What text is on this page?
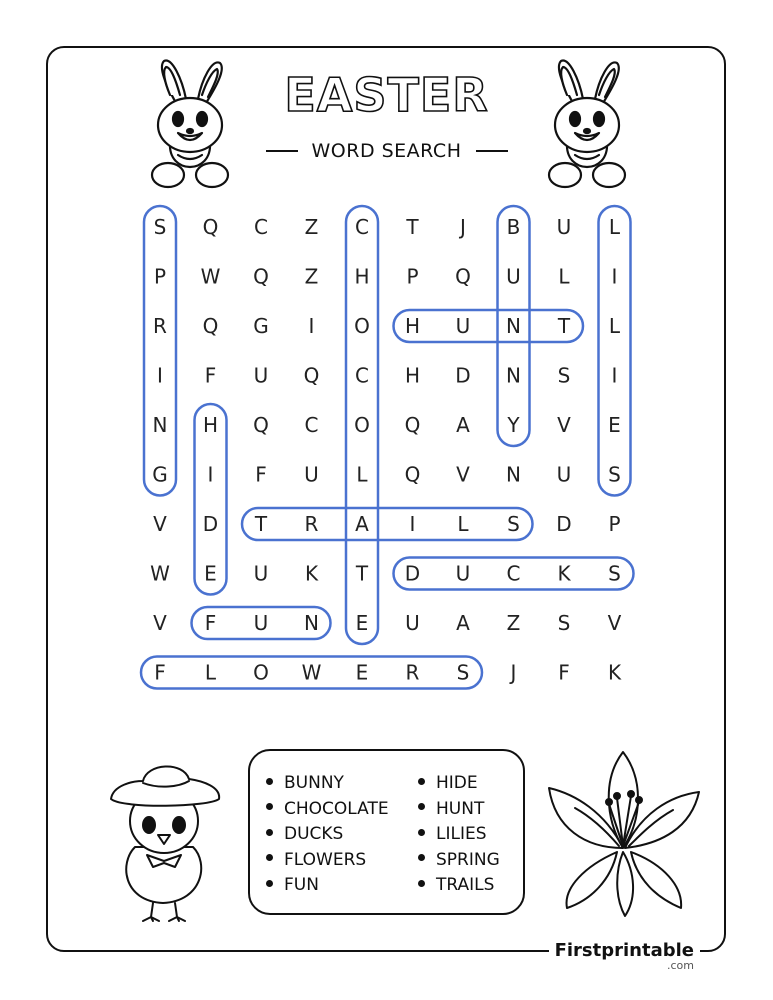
EASTER
WORD SEARCH
S Q C Z C T J B U L
P W Q Z H P Q U L I
R Q G I O H U N T L
I F U Q C H D N S I
N H Q C O Q A Y V E
G I F U L Q V N U S
V D T R A I L S D P
W E U K T D U C K S
V F U N E U A Z S V
F L O W E R S J F K
BUNNY
CHOCOLATE
DUCKS
FLOWERS
FUN
HIDE
HUNT
LILIES
SPRING
TRAILS
Firstprintable
.com
